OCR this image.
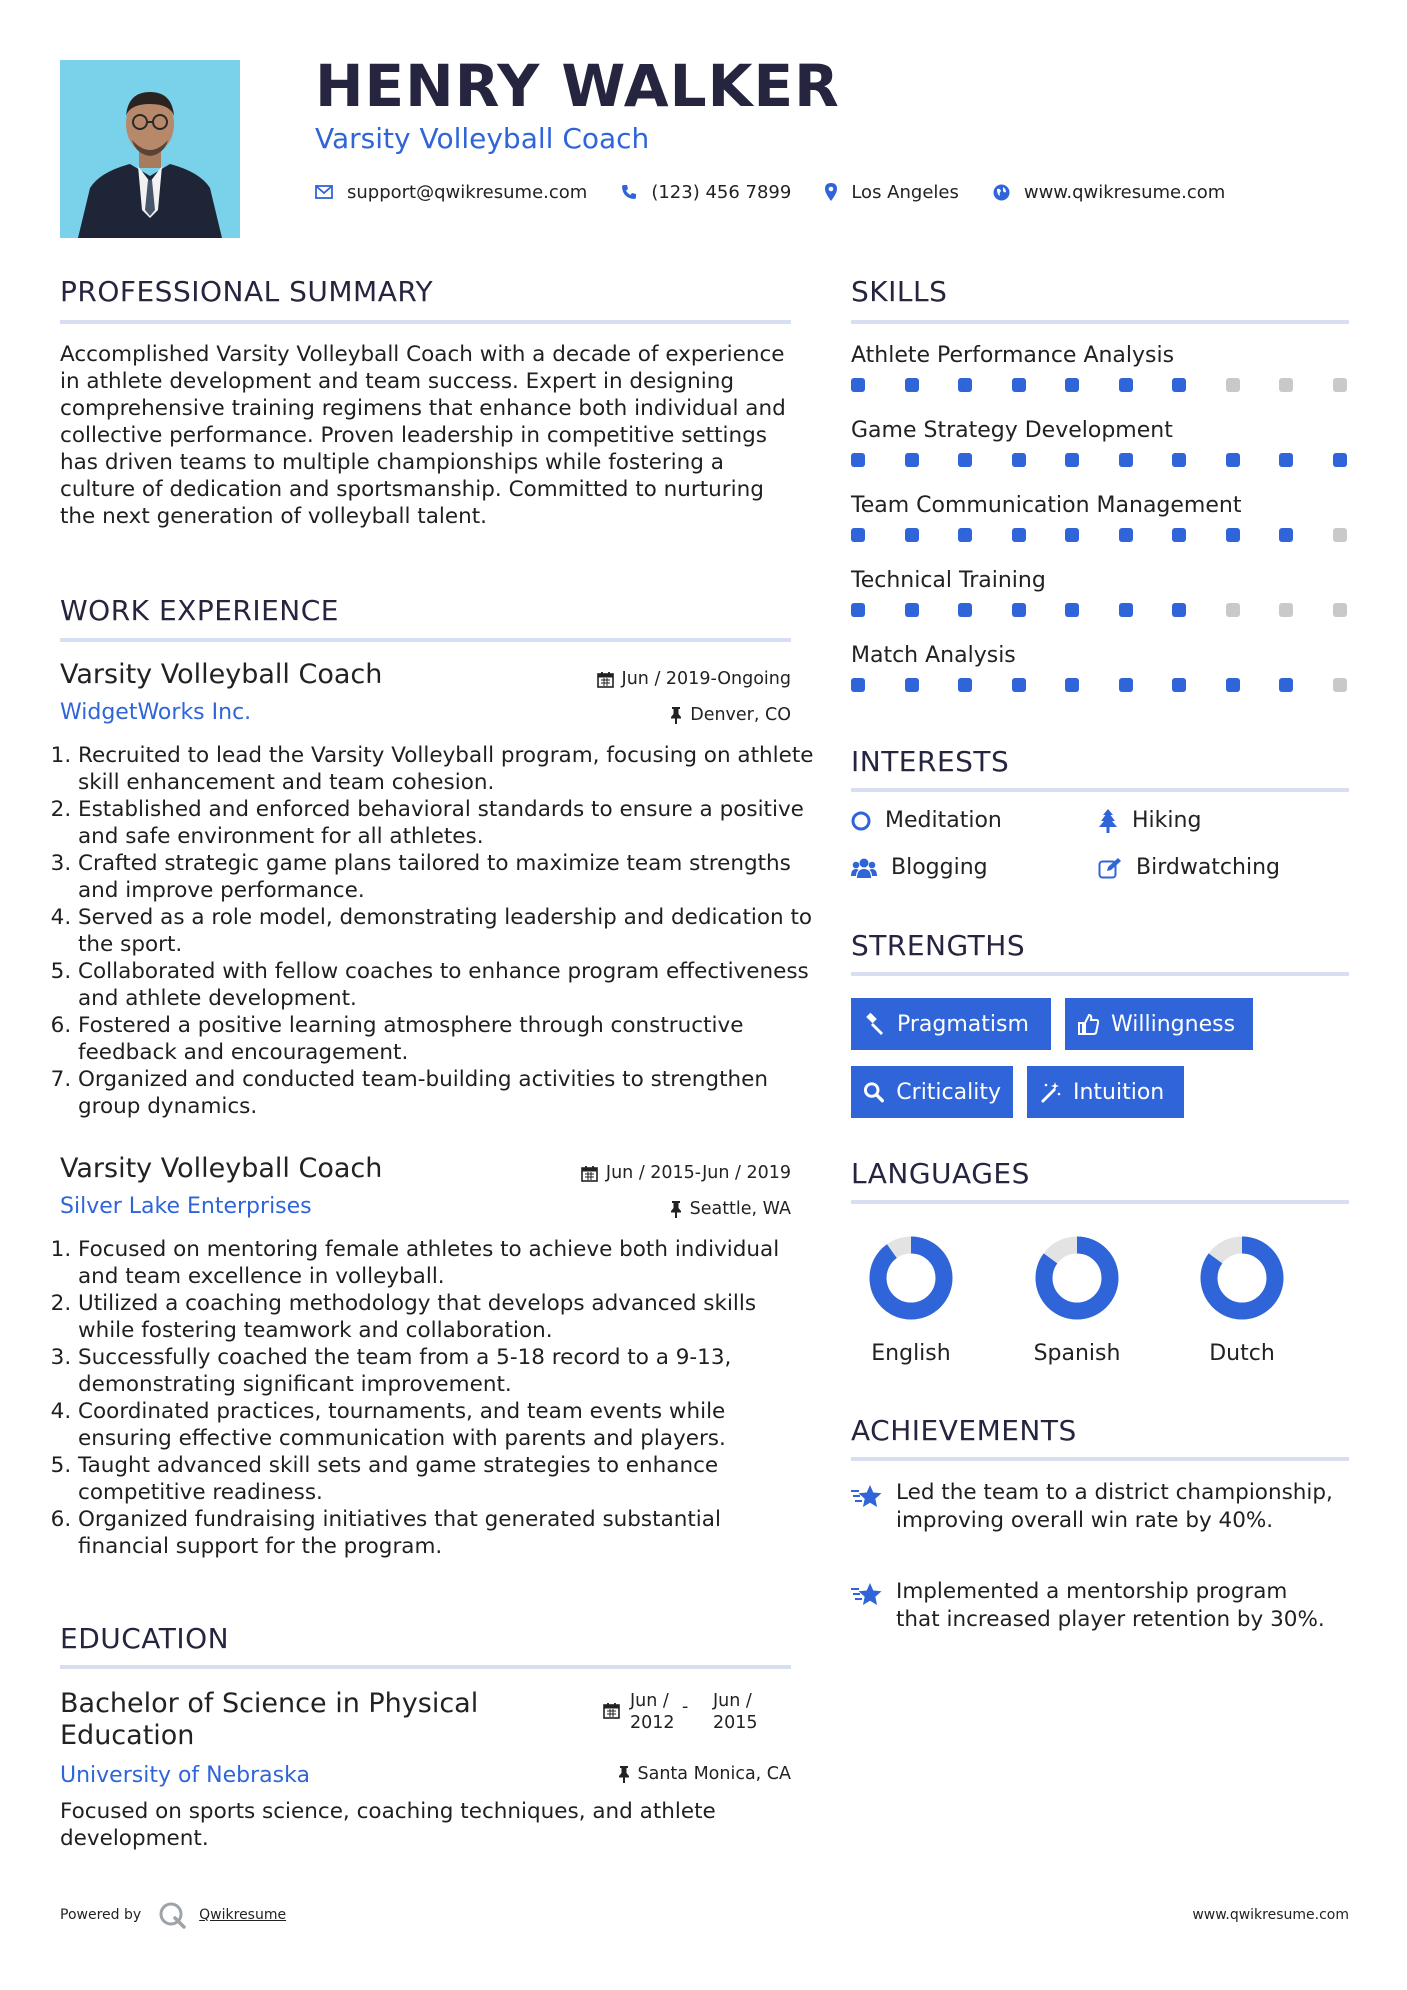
HENRY WALKER
Varsity Volleyball Coach
support@qwikresume.com	(123) 456 7899	Los Angeles	www.qwikresume.com
PROFESSIONAL SUMMARY
Accomplished Varsity Volleyball Coach with a decade of experience in athlete development and team success. Expert in designing comprehensive training regimens that enhance both individual and collective performance. Proven leadership in competitive settings has driven teams to multiple championships while fostering a culture of dedication and sportsmanship. Committed to nurturing the next generation of volleyball talent.
WORK EXPERIENCE
Varsity Volleyball Coach	Jun / 2019-Ongoing
WidgetWorks Inc.	Denver, CO
1. Recruited to lead the Varsity Volleyball program, focusing on athlete skill enhancement and team cohesion.
2. Established and enforced behavioral standards to ensure a positive and safe environment for all athletes.
3. Crafted strategic game plans tailored to maximize team strengths and improve performance.
4. Served as a role model, demonstrating leadership and dedication to the sport.
5. Collaborated with fellow coaches to enhance program effectiveness and athlete development.
6. Fostered a positive learning atmosphere through constructive feedback and encouragement.
7. Organized and conducted team-building activities to strengthen group dynamics.
Varsity Volleyball Coach	Jun / 2015-Jun / 2019
Silver Lake Enterprises	Seattle, WA
1. Focused on mentoring female athletes to achieve both individual and team excellence in volleyball.
2. Utilized a coaching methodology that develops advanced skills while fostering teamwork and collaboration.
3. Successfully coached the team from a 5-18 record to a 9-13, demonstrating significant improvement.
4. Coordinated practices, tournaments, and team events while ensuring effective communication with parents and players.
5. Taught advanced skill sets and game strategies to enhance competitive readiness.
6. Organized fundraising initiatives that generated substantial financial support for the program.
EDUCATION
Bachelor of Science in Physical
Education
Jun /
2012
- Jun /
2015
University of Nebraska	Santa Monica, CA
Focused on sports science, coaching techniques, and athlete development.
SKILLS
Athlete Performance Analysis
Game Strategy Development
Team Communication Management
Technical Training
Match Analysis
INTERESTS
Meditation	Hiking
Blogging	Birdwatching
STRENGTHS
Pragmatism	Willingness
Criticality	Intuition
LANGUAGES
English	Spanish	Dutch
ACHIEVEMENTS
Led the team to a district championship, improving overall win rate by 40%.
Implemented a mentorship program that increased player retention by 30%.
Powered by	Qwikresume	www.qwikresume.com
